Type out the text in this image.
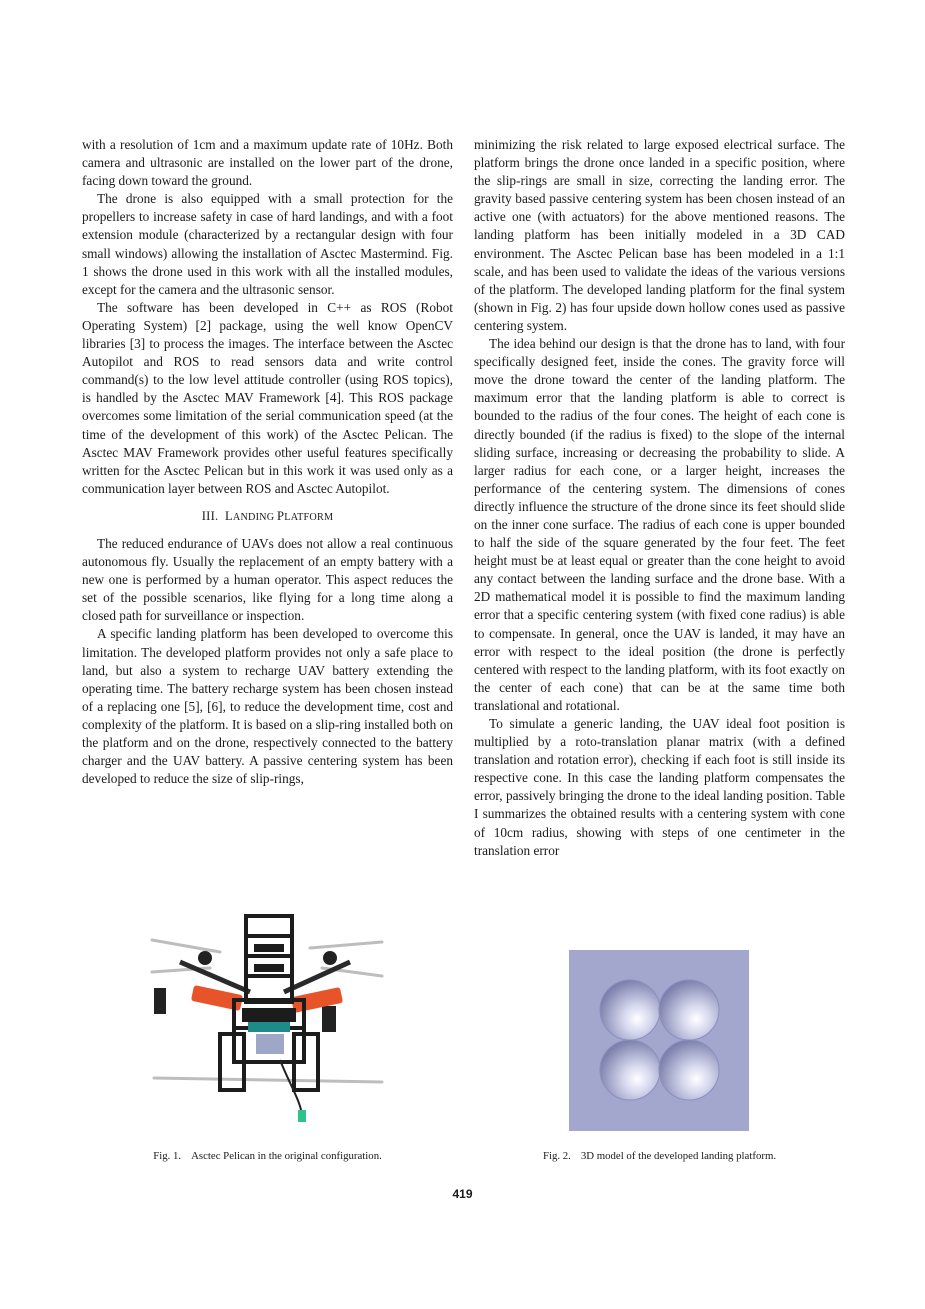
with a resolution of 1cm and a maximum update rate of 10Hz. Both camera and ultrasonic are installed on the lower part of the drone, facing down toward the ground.

The drone is also equipped with a small protection for the propellers to increase safety in case of hard landings, and with a foot extension module (characterized by a rectangular design with four small windows) allowing the installation of Asctec Mastermind. Fig. 1 shows the drone used in this work with all the installed modules, except for the camera and the ultrasonic sensor.

The software has been developed in C++ as ROS (Robot Operating System) [2] package, using the well know OpenCV libraries [3] to process the images. The interface between the Asctec Autopilot and ROS to read sensors data and write control command(s) to the low level attitude controller (using ROS topics), is handled by the Asctec MAV Framework [4]. This ROS package overcomes some limitation of the serial communication speed (at the time of the development of this work) of the Asctec Pelican. The Asctec MAV Framework provides other useful features specifically written for the Asctec Pelican but in this work it was used only as a communication layer between ROS and Asctec Autopilot.

III. LANDING PLATFORM

The reduced endurance of UAVs does not allow a real continuous autonomous fly. Usually the replacement of an empty battery with a new one is performed by a human operator. This aspect reduces the set of the possible scenarios, like flying for a long time along a closed path for surveillance or inspection.

A specific landing platform has been developed to overcome this limitation. The developed platform provides not only a safe place to land, but also a system to recharge UAV battery extending the operating time. The battery recharge system has been chosen instead of a replacing one [5], [6], to reduce the development time, cost and complexity of the platform. It is based on a slip-ring installed both on the platform and on the drone, respectively connected to the battery charger and the UAV battery. A passive centering system has been developed to reduce the size of slip-rings,

minimizing the risk related to large exposed electrical surface. The platform brings the drone once landed in a specific position, where the slip-rings are small in size, correcting the landing error. The gravity based passive centering system has been chosen instead of an active one (with actuators) for the above mentioned reasons. The landing platform has been initially modeled in a 3D CAD environment. The Asctec Pelican base has been modeled in a 1:1 scale, and has been used to validate the ideas of the various versions of the platform. The developed landing platform for the final system (shown in Fig. 2) has four upside down hollow cones used as passive centering system.

The idea behind our design is that the drone has to land, with four specifically designed feet, inside the cones. The gravity force will move the drone toward the center of the landing platform. The maximum error that the landing platform is able to correct is bounded to the radius of the four cones. The height of each cone is directly bounded (if the radius is fixed) to the slope of the internal sliding surface, increasing or decreasing the probability to slide. A larger radius for each cone, or a larger height, increases the performance of the centering system. The dimensions of cones directly influence the structure of the drone since its feet should slide on the inner cone surface. The radius of each cone is upper bounded to half the side of the square generated by the four feet. The feet height must be at least equal or greater than the cone height to avoid any contact between the landing surface and the drone base. With a 2D mathematical model it is possible to find the maximum landing error that a specific centering system (with fixed cone radius) is able to compensate. In general, once the UAV is landed, it may have an error with respect to the ideal position (the drone is perfectly centered with respect to the landing platform, with its foot exactly on the center of each cone) that can be at the same time both translational and rotational.

To simulate a generic landing, the UAV ideal foot position is multiplied by a roto-translation planar matrix (with a defined translation and rotation error), checking if each foot is still inside its respective cone. In this case the landing platform compensates the error, passively bringing the drone to the ideal landing position. Table I summarizes the obtained results with a centering system with cone of 10cm radius, showing with steps of one centimeter in the translation error

Fig. 1. Asctec Pelican in the original configuration.	Fig. 2. 3D model of the developed landing platform.
419
